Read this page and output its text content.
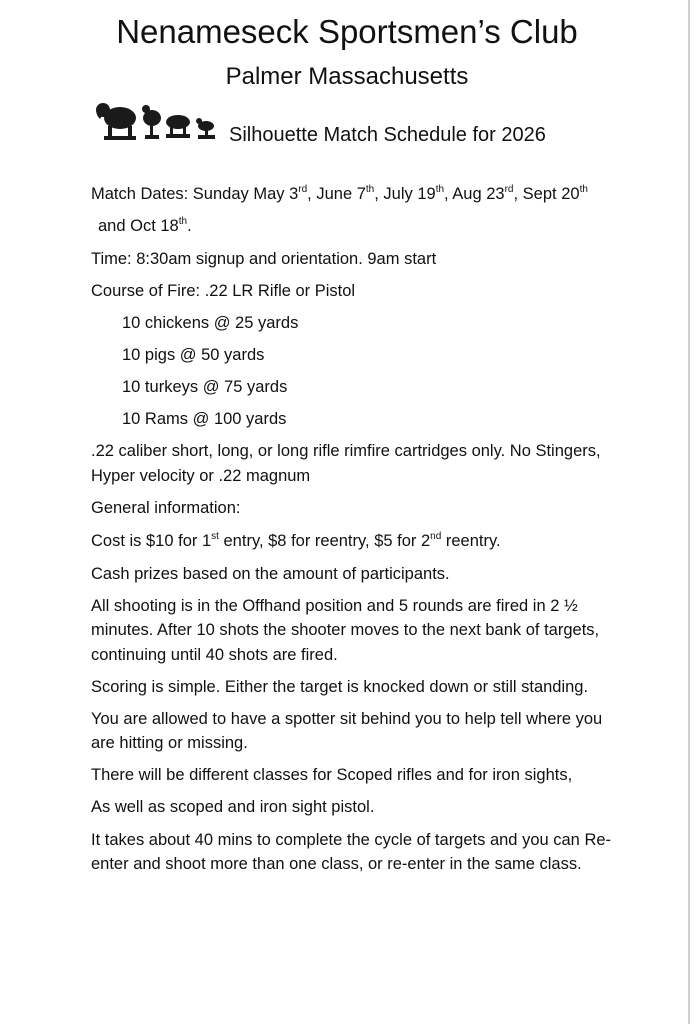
Nenameseck Sportsmen’s Club
Palmer Massachusetts
Silhouette Match Schedule for 2026
Match Dates: Sunday May 3rd, June 7th, July 19th, Aug 23rd, Sept 20th
and Oct 18th.
Time: 8:30am signup and orientation. 9am start
Course of Fire: .22 LR Rifle or Pistol
10 chickens @ 25 yards
10 pigs @ 50 yards
10 turkeys @ 75 yards
10 Rams @ 100 yards
.22 caliber short, long, or long rifle rimfire cartridges only. No Stingers,
Hyper velocity or .22 magnum
General information:
Cost is $10 for 1st entry, $8 for reentry, $5 for 2nd reentry.
Cash prizes based on the amount of participants.
All shooting is in the Offhand position and 5 rounds are fired in 2 ½
minutes. After 10 shots the shooter moves to the next bank of targets,
continuing until 40 shots are fired.
Scoring is simple. Either the target is knocked down or still standing.
You are allowed to have a spotter sit behind you to help tell where you
are hitting or missing.
There will be different classes for Scoped rifles and for iron sights,
As well as scoped and iron sight pistol.
It takes about 40 mins to complete the cycle of targets and you can Re-
enter and shoot more than one class, or re-enter in the same class.
